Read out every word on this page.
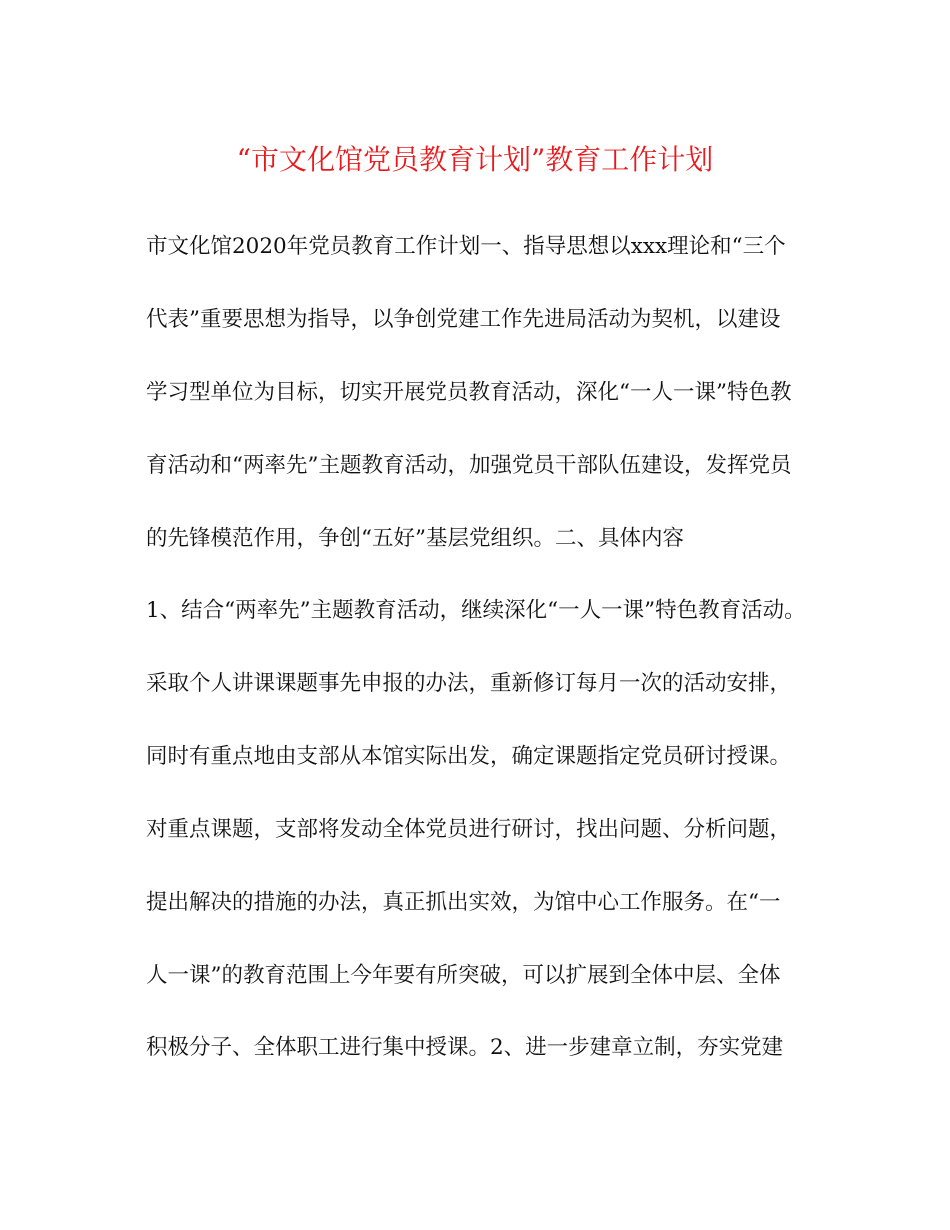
“市文化馆党员教育计划”教育工作计划
市文化馆2020年党员教育工作计划一、指导思想以xxx理论和“三个
代表”重要思想为指导，以争创党建工作先进局活动为契机，以建设
学习型单位为目标，切实开展党员教育活动，深化“一人一课”特色教
育活动和“两率先”主题教育活动，加强党员干部队伍建设，发挥党员
的先锋模范作用，争创“五好”基层党组织。二、具体内容
1、结合“两率先”主题教育活动，继续深化“一人一课”特色教育活动。
采取个人讲课课题事先申报的办法，重新修订每月一次的活动安排，
同时有重点地由支部从本馆实际出发，确定课题指定党员研讨授课。
对重点课题，支部将发动全体党员进行研讨，找出问题、分析问题，
提出解决的措施的办法，真正抓出实效，为馆中心工作服务。在“一
人一课”的教育范围上今年要有所突破，可以扩展到全体中层、全体
积极分子、全体职工进行集中授课。2、进一步建章立制，夯实党建
